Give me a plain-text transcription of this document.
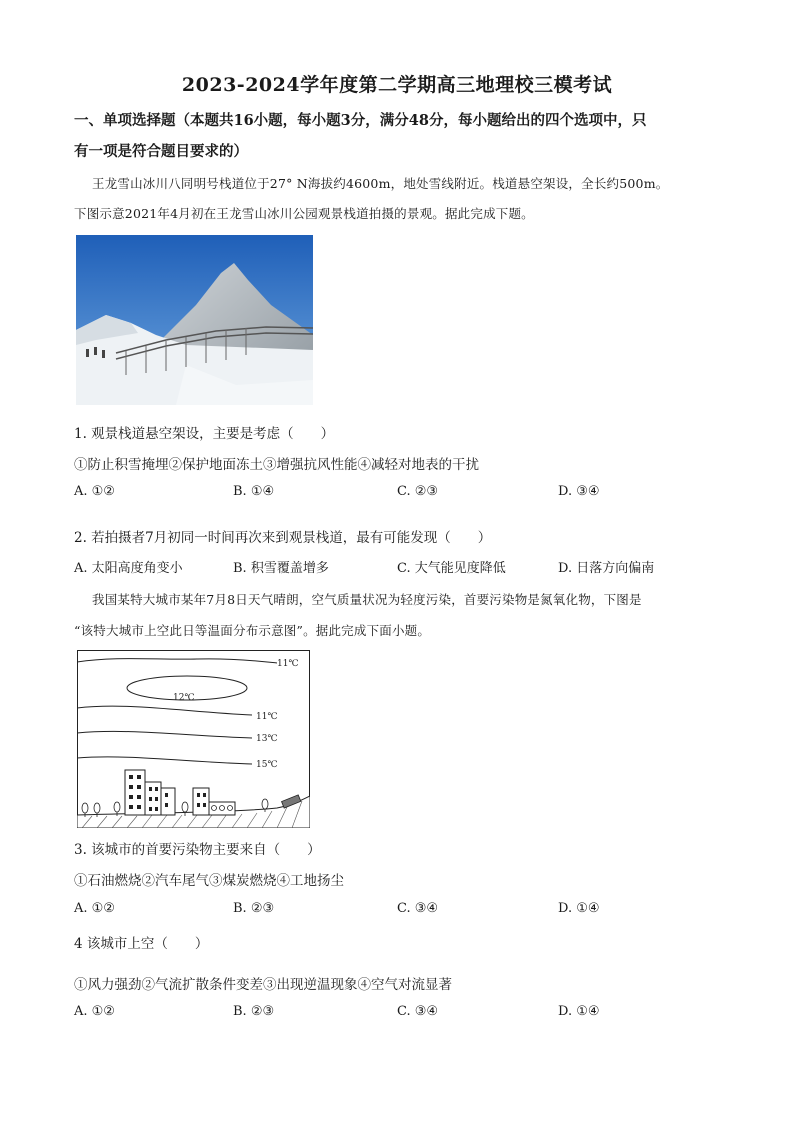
2023-2024学年度第二学期高三地理校三模考试
一、单项选择题（本题共16小题，每小题3分，满分48分，每小题给出的四个选项中，只
有一项是符合题目要求的）
王龙雪山冰川八同明号栈道位于27° N海拔约4600m，地处雪线附近。栈道悬空架设，全长约500m。
下图示意2021年4月初在王龙雪山冰川公园观景栈道拍摄的景观。据此完成下题。
1. 观景栈道悬空架设，主要是考虑（　　）
①防止积雪掩埋②保护地面冻土③增强抗风性能④减轻对地表的干扰
A. ①②	B. ①④	C. ②③	D. ③④
2. 若拍摄者7月初同一时间再次来到观景栈道，最有可能发现（　　）
A. 太阳高度角变小	B. 积雪覆盖增多	C. 大气能见度降低	D. 日落方向偏南
我国某特大城市某年7月8日天气晴朗，空气质量状况为轻度污染，首要污染物是氮氧化物，下图是
“该特大城市上空此日等温面分布示意图”。据此完成下面小题。
11℃
12℃
11℃
13℃
15℃
3. 该城市的首要污染物主要来自（　　）
①石油燃烧②汽车尾气③煤炭燃烧④工地扬尘
A. ①②	B. ②③	C. ③④	D. ①④
4 该城市上空（　　）
①风力强劲②气流扩散条件变差③出现逆温现象④空气对流显著
A. ①②	B. ②③	C. ③④	D. ①④
